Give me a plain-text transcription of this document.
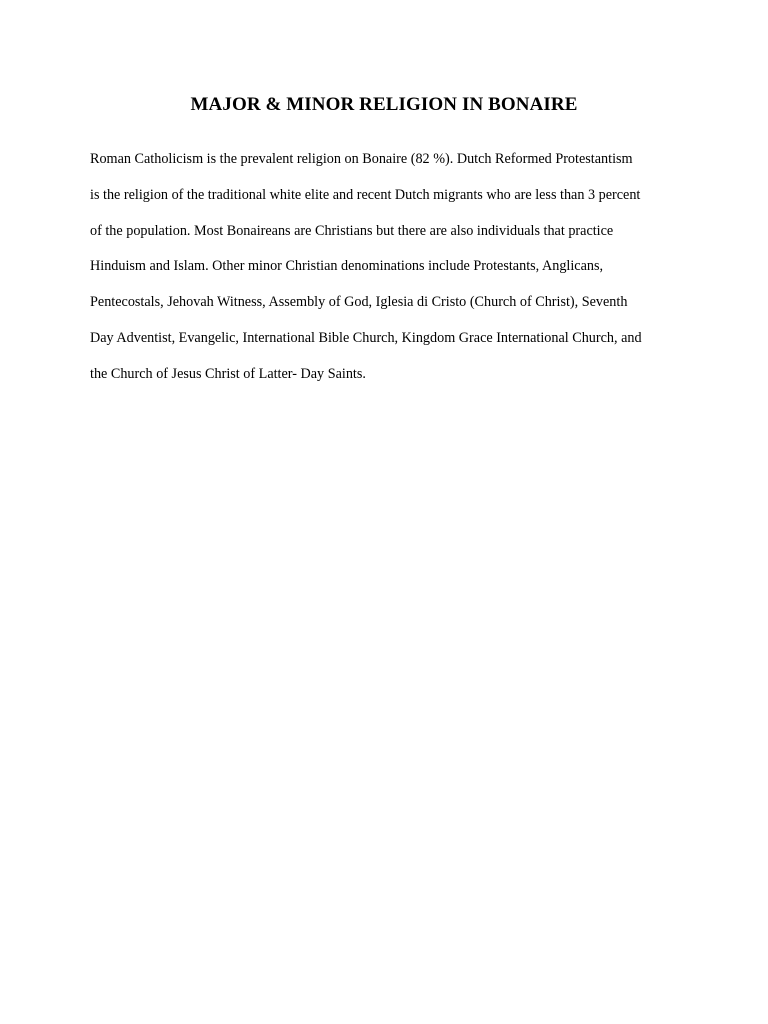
MAJOR & MINOR RELIGION IN BONAIRE
Roman Catholicism is the prevalent religion on Bonaire (82 %). Dutch Reformed Protestantism
is the religion of the traditional white elite and recent Dutch migrants who are less than 3 percent
of the population. Most Bonaireans are Christians but there are also individuals that practice
Hinduism and Islam. Other minor Christian denominations include Protestants, Anglicans,
Pentecostals, Jehovah Witness, Assembly of God, Iglesia di Cristo (Church of Christ), Seventh
Day Adventist, Evangelic, International Bible Church, Kingdom Grace International Church, and
the Church of Jesus Christ of Latter- Day Saints.
